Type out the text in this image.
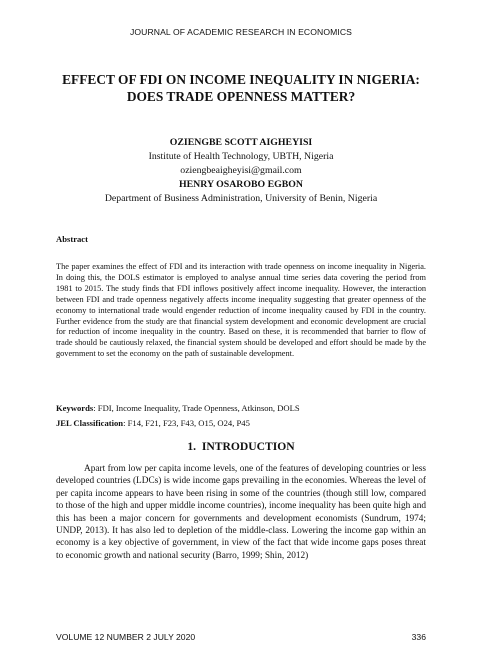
JOURNAL OF ACADEMIC RESEARCH IN ECONOMICS
EFFECT OF FDI ON INCOME INEQUALITY IN NIGERIA: DOES TRADE OPENNESS MATTER?
OZIENGBE SCOTT AIGHEYISI
Institute of Health Technology, UBTH, Nigeria
oziengbeaigheyisi@gmail.com
HENRY OSAROBO EGBON
Department of Business Administration, University of Benin, Nigeria
Abstract

The paper examines the effect of FDI and its interaction with trade openness on income inequality in Nigeria. In doing this, the DOLS estimator is employed to analyse annual time series data covering the period from 1981 to 2015. The study finds that FDI inflows positively affect income inequality. However, the interaction between FDI and trade openness negatively affects income inequality suggesting that greater openness of the economy to international trade would engender reduction of income inequality caused by FDI in the country. Further evidence from the study are that financial system development and economic development are crucial for reduction of income inequality in the country. Based on these, it is recommended that barrier to flow of trade should be cautiously relaxed, the financial system should be developed and effort should be made by the government to set the economy on the path of sustainable development.

Keywords: FDI, Income Inequality, Trade Openness, Atkinson, DOLS
JEL Classification: F14, F21, F23, F43, O15, O24, P45
1.  INTRODUCTION

Apart from low per capita income levels, one of the features of developing countries or less developed countries (LDCs) is wide income gaps prevailing in the economies. Whereas the level of per capita income appears to have been rising in some of the countries (though still low, compared to those of the high and upper middle income countries), income inequality has been quite high and this has been a major concern for governments and development economists (Sundrum, 1974; UNDP, 2013). It has also led to depletion of the middle-class. Lowering the income gap within an economy is a key objective of government, in view of the fact that wide income gaps poses threat to economic growth and national security (Barro, 1999; Shin, 2012)

VOLUME 12 NUMBER 2 JULY 2020	336
